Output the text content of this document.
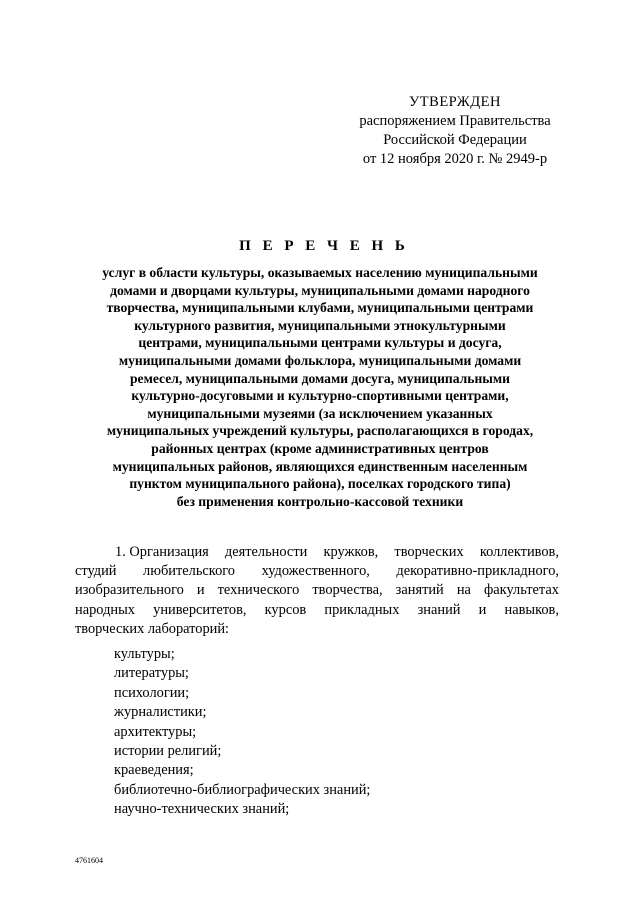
УТВЕРЖДЕН
распоряжением Правительства
Российской Федерации
от 12 ноября 2020 г. № 2949-р
П Е Р Е Ч Е Н Ь
услуг в области культуры, оказываемых населению муниципальными
домами и дворцами культуры, муниципальными домами народного
творчества, муниципальными клубами, муниципальными центрами
культурного развития, муниципальными этнокультурными
центрами, муниципальными центрами культуры и досуга,
муниципальными домами фольклора, муниципальными домами
ремесел, муниципальными домами досуга, муниципальными
культурно-досуговыми и культурно-спортивными центрами,
муниципальными музеями (за исключением указанных
муниципальных учреждений культуры, располагающихся в городах,
районных центрах (кроме административных центров
муниципальных районов, являющихся единственным населенным
пунктом муниципального района), поселках городского типа)
без применения контрольно-кассовой техники
1. Организация деятельности кружков, творческих коллективов,
студий любительского художественного, декоративно-прикладного,
изобразительного и технического творчества, занятий на факультетах
народных университетов, курсов прикладных знаний и навыков,
творческих лабораторий:
культуры;
литературы;
психологии;
журналистики;
архитектуры;
истории религий;
краеведения;
библиотечно-библиографических знаний;
научно-технических знаний;
4761604
